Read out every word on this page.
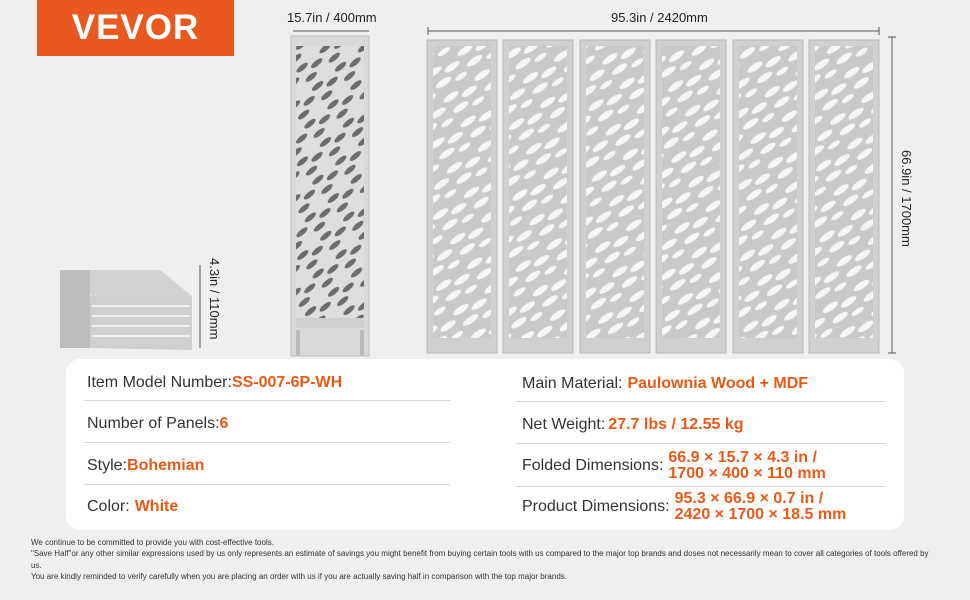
VEVOR	15.7in / 400mm	95.3in / 2420mm
66.9in / 1700mm
4.3in / 110mm
Item Model Number: SS-007-6P-WH
Number of Panels: 6
Style: Bohemian
Color: White
Main Material: Paulownia Wood + MDF
Net Weight: 27.7 lbs / 12.55 kg
Folded Dimensions: 66.9 × 15.7 × 4.3 in /
1700 × 400 × 110 mm
Product Dimensions: 95.3 × 66.9 × 0.7 in /
2420 × 1700 × 18.5 mm
We continue to be committed to provide you with cost-effective tools.
"Save Half"or any other similar expressions used by us only represents an estimate of savings you might benefit from buying certain tools with us compared to the major top brands and doses not necessarily mean to cover all categories of tools offered by us.
You are kindly reminded to verify carefully when you are placing an order with us if you are actually saving half in comparison with the top major brands.
